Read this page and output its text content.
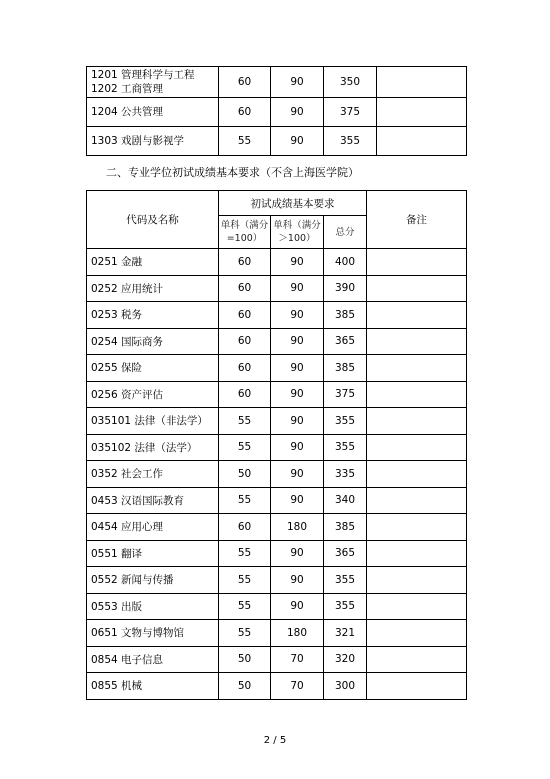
1201 管理科学与工程
1202 工商管理	60	90	350	

1204 公共管理	60	90	375	

1303 戏剧与影视学	55	90	355	
二、专业学位初试成绩基本要求（不含上海医学院）
代码及名称	初试成绩基本要求			备注
	单科（满分=100）	单科（满分＞100）	总分	
0251 金融	60	90	400	
0252 应用统计	60	90	390	
0253 税务	60	90	385	
0254 国际商务	60	90	365	
0255 保险	60	90	385	
0256 资产评估	60	90	375	
035101 法律（非法学）	55	90	355	
035102 法律（法学）	55	90	355	
0352 社会工作	50	90	335	
0453 汉语国际教育	55	90	340	
0454 应用心理	60	180	385	
0551 翻译	55	90	365	
0552 新闻与传播	55	90	355	
0553 出版	55	90	355	
0651 文物与博物馆	55	180	321	
0854 电子信息	50	70	320	
0855 机械	50	70	300	
2 / 5
